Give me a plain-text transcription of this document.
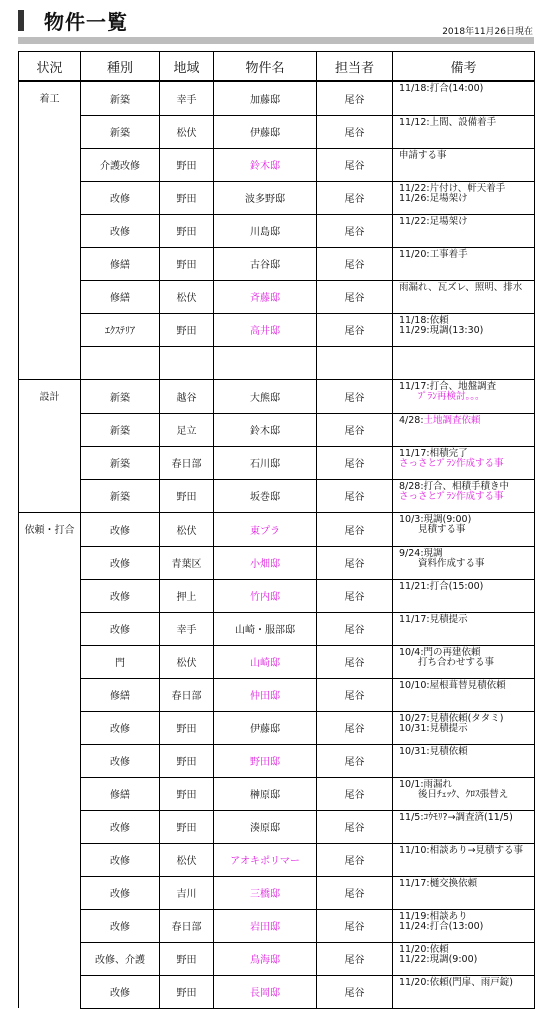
物件一覧	2018年11月26日現在
状況	種別	地域	物件名	担当者	備考
着工	新築	幸手	加藤邸	尾谷	11/18:打合(14:00)

	新築	松伏	伊藤邸	尾谷	11/12:上間、設備着手

	介護改修	野田	鈴木邸	尾谷	申請する事

	改修	野田	波多野邸	尾谷	11/22:片付け、軒天着手
11/26:足場架け

	改修	野田	川島邸	尾谷	11/22:足場架け

	修繕	野田	古谷邸	尾谷	11/20:工事着手

	修繕	松伏	斉藤邸	尾谷	雨漏れ、瓦ズレ、照明、排水

	ｴｸｽﾃﾘｱ	野田	高井邸	尾谷	11/18:依頼
11/29:現調(13:30)

設計	新築	越谷	大熊邸	尾谷	11/17:打合、地盤調査
　　ﾌﾟﾗﾝ再検討。。。

	新築	足立	鈴木邸	尾谷	4/28:土地調査依頼

	新築	春日部	石川邸	尾谷	11/17:相積完了
さっさとﾌﾟﾗﾝ作成する事

	新築	野田	坂巻邸	尾谷	8/28:打合、相積手積き中
さっさとﾌﾟﾗﾝ作成する事

依頼・打合	改修	松伏	東プラ	尾谷	10/3:現調(9:00)
　　見積する事

	改修	青葉区	小畑邸	尾谷	9/24:現調
　　資料作成する事

	改修	押上	竹内邸	尾谷	11/21:打合(15:00)

	改修	幸手	山崎・服部邸	尾谷	11/17:見積提示

	門	松伏	山崎邸	尾谷	10/4:門の再建依頼
　　打ち合わせする事

	修繕	春日部	仲田邸	尾谷	10/10:屋根葺替見積依頼

	改修	野田	伊藤邸	尾谷	10/27:見積依頼(タタミ)
10/31:見積提示

	改修	野田	野田邸	尾谷	10/31:見積依頼

	修繕	野田	榊原邸	尾谷	10/1:雨漏れ
　　後日ﾁｪｯｸ、ｸﾛｽ張替え

	改修	野田	湊原邸	尾谷	11/5:ｺｳﾓﾘ?→調査済(11/5)

	改修	松伏	アオキポリマー	尾谷	11/10:相談あり→見積する事

	改修	吉川	三橋邸	尾谷	11/17:樋交換依頼

	改修	春日部	岩田邸	尾谷	11/19:相談あり
11/24:打合(13:00)

	改修、介護	野田	鳥海邸	尾谷	11/20:依頼
11/22:現調(9:00)

	改修	野田	長岡邸	尾谷	11/20:依頼(門扉、雨戸錠)
